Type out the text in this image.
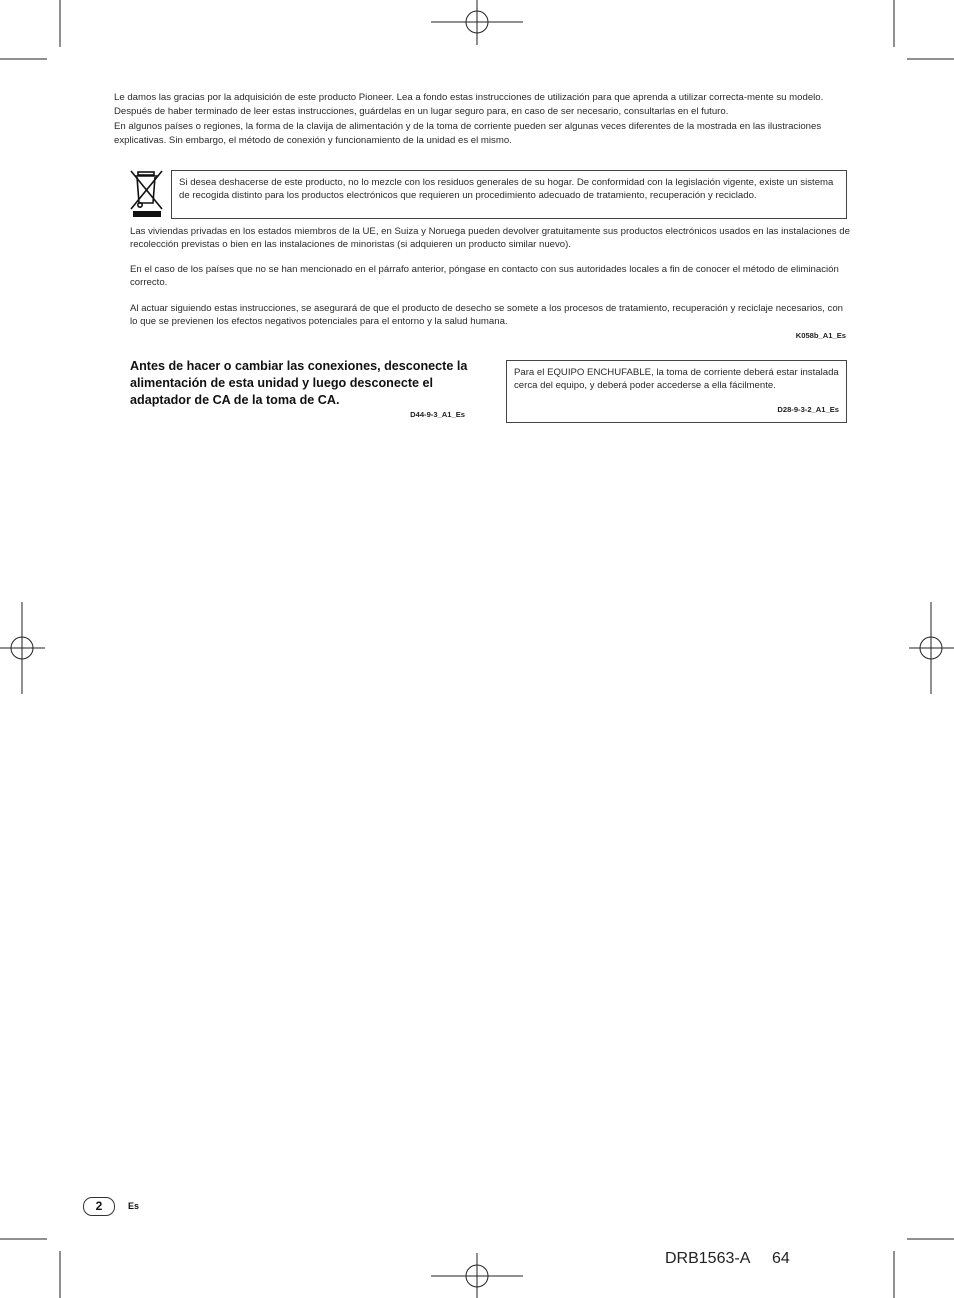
Le damos las gracias por la adquisición de este producto Pioneer. Lea a fondo estas instrucciones de utilización para que aprenda a utilizar correcta-mente su modelo. Después de haber terminado de leer estas instrucciones, guárdelas en un lugar seguro para, en caso de ser necesario, consultarlas en el futuro.

En algunos países o regiones, la forma de la clavija de alimentación y de la toma de corriente pueden ser algunas veces diferentes de la mostrada en las ilustraciones explicativas. Sin embargo, el método de conexión y funcionamiento de la unidad es el mismo.

Si desea deshacerse de este producto, no lo mezcle con los residuos generales de su hogar. De conformidad con la legislación vigente, existe un sistema de recogida distinto para los productos electrónicos que requieren un procedimiento adecuado de tratamiento, recuperación y reciclado.

Las viviendas privadas en los estados miembros de la UE, en Suiza y Noruega pueden devolver gratuitamente sus productos electrónicos usados en las instalaciones de recolección previstas o bien en las instalaciones de minoristas (si adquieren un producto similar nuevo).

En el caso de los países que no se han mencionado en el párrafo anterior, póngase en contacto con sus autoridades locales a fin de conocer el método de eliminación correcto.

Al actuar siguiendo estas instrucciones, se asegurará de que el producto de desecho se somete a los procesos de tratamiento, recuperación y reciclaje necesarios, con lo que se previenen los efectos negativos potenciales para el entorno y la salud humana.

K058b_A1_Es

Antes de hacer o cambiar las conexiones, desconecte la alimentación de esta unidad y luego desconecte el adaptador de CA de la toma de CA.

D44-9-3_A1_Es
Para el EQUIPO ENCHUFABLE, la toma de corriente deberá estar instalada cerca del equipo, y deberá poder accederse a ella fácilmente.
D28-9-3-2_A1_Es
2	Es
DRB1563-A 64
